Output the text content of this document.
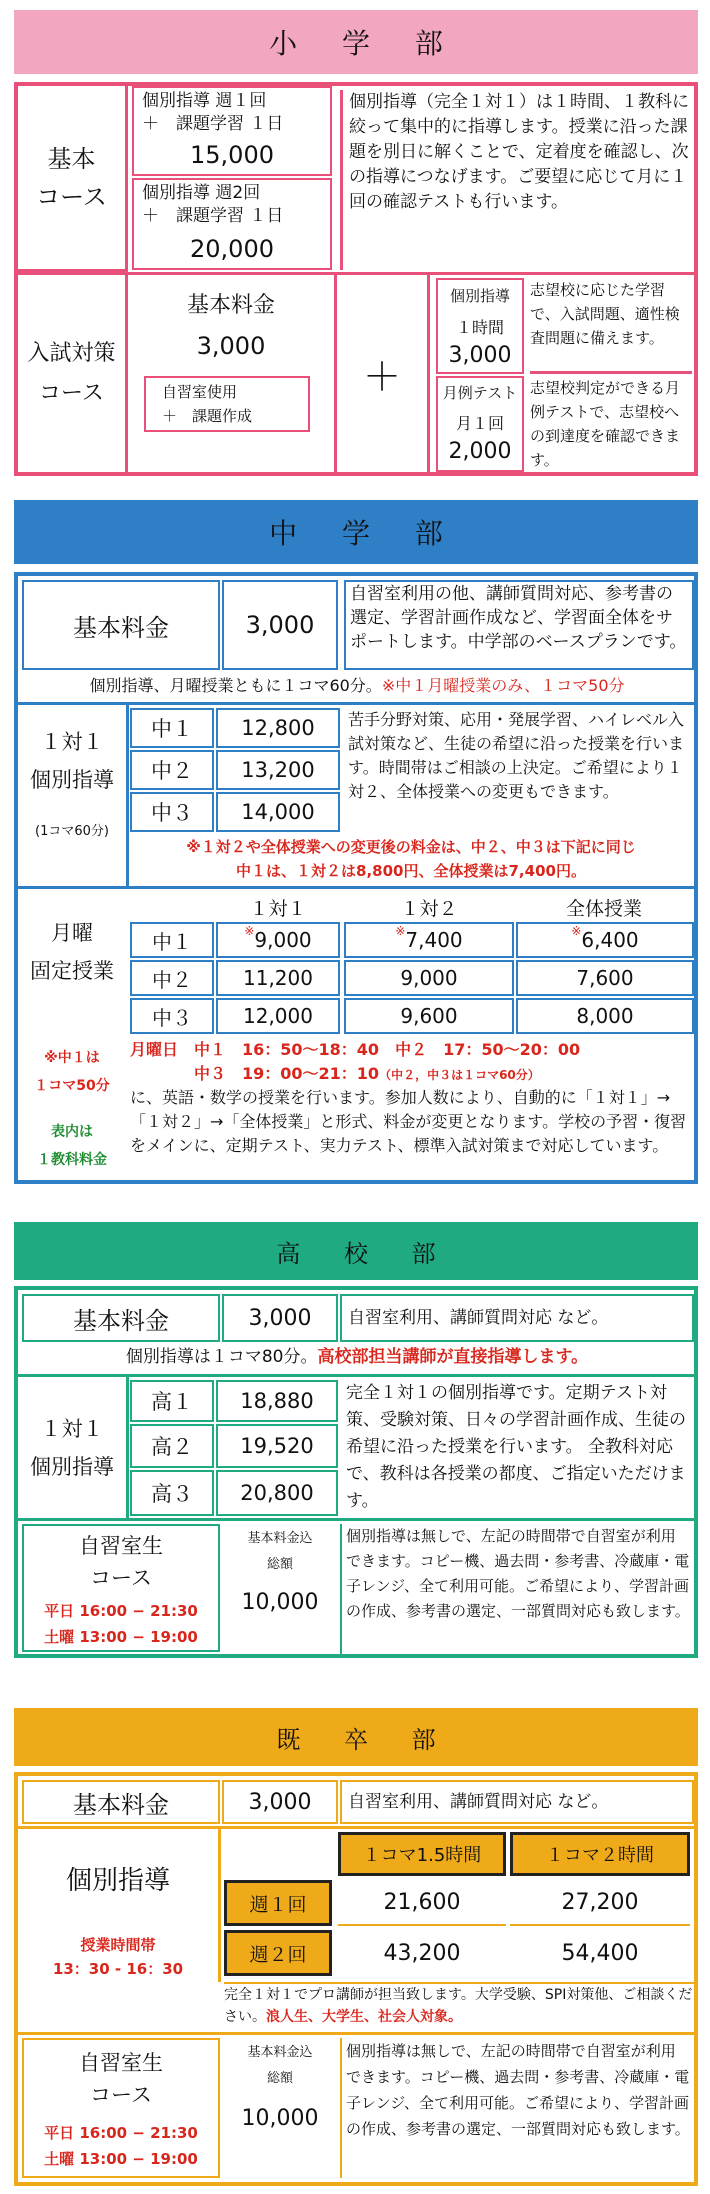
小 学 部
基本
コース
個別指導 週１回
＋　課題学習 １日
15,000
個別指導 週2回
＋　課題学習 １日
20,000
個別指導（完全１対１）は１時間、１教科に絞って集中的に指導します。授業に沿った課題を別日に解くことで、定着度を確認し、次の指導につなげます。ご要望に応じて月に１回の確認テストも行います。
入試対策
コース
基本料金
3,000
自習室使用
＋　課題作成
＋
個別指導
１時間
3,000
月例テスト
月１回
2,000
志望校に応じた学習で、入試問題、適性検査問題に備えます。
志望校判定ができる月例テストで、志望校への到達度を確認できます。
中 学 部
基本料金	3,000
自習室利用の他、講師質問対応、参考書の選定、学習計画作成など、学習面全体をサポートします。中学部のベースプランです。
個別指導、月曜授業ともに１コマ60分。※中１月曜授業のみ、１コマ50分
１対１
個別指導
(1コマ60分)
中１	12,800
中２	13,200
中３	14,000
苦手分野対策、応用・発展学習、ハイレベル入試対策など、生徒の希望に沿った授業を行います。時間帯はご相談の上決定。ご希望により１対２、全体授業への変更もできます。
※１対２や全体授業への変更後の料金は、中２、中３は下記に同じ
中１は、１対２は8,800円、全体授業は7,400円。
月曜
固定授業
１対１	１対２	全体授業
中１	※ 9,000	※ 7,400	※ 6,400
中２	11,200	9,000	7,600
中３	12,000	9,600	8,000
※中１は
１コマ50分
表内は
１教科料金
月曜日　中１　16：50〜18：40　中２　17：50〜20：00
　　　　中３　19：00〜21：10（中２，中３は１コマ60分）
に、英語・数学の授業を行います。参加人数により、自動的に「１対１」→「１対２」→「全体授業」と形式、料金が変更となります。学校の予習・復習をメインに、定期テスト、実力テスト、標準入試対策まで対応しています。
高 校 部
基本料金	3,000	自習室利用、講師質問対応 など。
個別指導は１コマ80分。高校部担当講師が直接指導します。
１対１
個別指導
高１	18,880
高２	19,520
高３	20,800
完全１対１の個別指導です。定期テスト対策、受験対策、日々の学習計画作成、生徒の希望に沿った授業を行います。 全教科対応で、教科は各授業の都度、ご指定いただけます。
自習室生
コース
平日 16:00 − 21:30
土曜 13:00 − 19:00
基本料金込
総額
10,000
個別指導は無しで、左記の時間帯で自習室が利用できます。コピー機、過去問・参考書、冷蔵庫・電子レンジ、全て利用可能。ご希望により、学習計画の作成、参考書の選定、一部質問対応も致します。
既 卒 部
基本料金	3,000	自習室利用、講師質問対応 など。
個別指導
授業時間帯
13：30 - 16：30
１コマ1.5時間	１コマ２時間
週１回	21,600	27,200
週２回	43,200	54,400
完全１対１でプロ講師が担当致します。大学受験、SPI対策他、ご相談ください。浪人生、大学生、社会人対象。
自習室生
コース
平日 16:00 − 21:30
土曜 13:00 − 19:00
基本料金込
総額
10,000
個別指導は無しで、左記の時間帯で自習室が利用できます。コピー機、過去問・参考書、冷蔵庫・電子レンジ、全て利用可能。ご希望により、学習計画の作成、参考書の選定、一部質問対応も致します。
